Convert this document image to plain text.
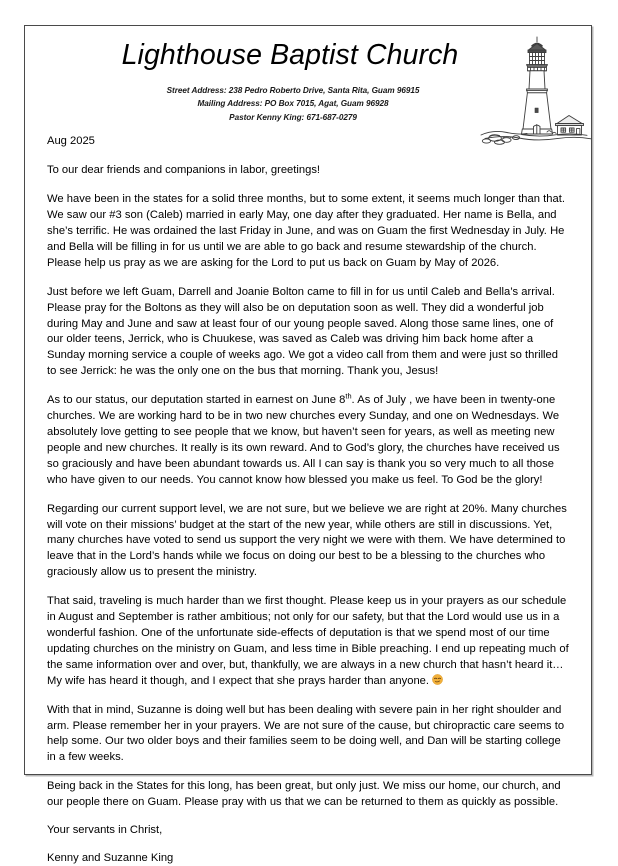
Lighthouse Baptist Church
Street Address: 238 Pedro Roberto Drive, Santa Rita, Guam 96915
Mailing Address: PO Box 7015, Agat, Guam 96928
Pastor Kenny King: 671-687-0279
Aug 2025
To our dear friends and companions in labor, greetings!

We have been in the states for a solid three months, but to some extent, it seems much longer than that. We saw our #3 son (Caleb) married in early May, one day after they graduated. Her name is Bella, and she’s terrific. He was ordained the last Friday in June, and was on Guam the first Wednesday in July. He and Bella will be filling in for us until we are able to go back and resume stewardship of the church. Please help us pray as we are asking for the Lord to put us back on Guam by May of 2026.

Just before we left Guam, Darrell and Joanie Bolton came to fill in for us until Caleb and Bella’s arrival. Please pray for the Boltons as they will also be on deputation soon as well. They did a wonderful job during May and June and saw at least four of our young people saved. Along those same lines, one of our older teens, Jerrick, who is Chuukese, was saved as Caleb was driving him back home after a Sunday morning service a couple of weeks ago. We got a video call from them and were just so thrilled to see Jerrick: he was the only one on the bus that morning. Thank you, Jesus!

As to our status, our deputation started in earnest on June 8th. As of July , we have been in twenty-one churches. We are working hard to be in two new churches every Sunday, and one on Wednesdays. We absolutely love getting to see people that we know, but haven’t seen for years, as well as meeting new people and new churches. It really is its own reward. And to God’s glory, the churches have received us so graciously and have been abundant towards us. All I can say is thank you so very much to all those who have given to our needs. You cannot know how blessed you make us feel. To God be the glory!

Regarding our current support level, we are not sure, but we believe we are right at 20%. Many churches will vote on their missions’ budget at the start of the new year, while others are still in discussions. Yet, many churches have voted to send us support the very night we were with them. We have determined to leave that in the Lord’s hands while we focus on doing our best to be a blessing to the churches who graciously allow us to present the ministry.

That said, traveling is much harder than we first thought. Please keep us in your prayers as our schedule in August and September is rather ambitious; not only for our safety, but that the Lord would use us in a wonderful fashion. One of the unfortunate side-effects of deputation is that we spend most of our time updating churches on the ministry on Guam, and less time in Bible preaching. I end up repeating much of the same information over and over, but, thankfully, we are always in a new church that hasn’t heard it… My wife has heard it though, and I expect that she prays harder than anyone.

With that in mind, Suzanne is doing well but has been dealing with severe pain in her right shoulder and arm. Please remember her in your prayers. We are not sure of the cause, but chiropractic care seems to help some. Our two older boys and their families seem to be doing well, and Dan will be starting college in a few weeks.

Being back in the States for this long, has been great, but only just. We miss our home, our church, and our people there on Guam. Please pray with us that we can be returned to them as quickly as possible.

Your servants in Christ,
Kenny and Suzanne King
